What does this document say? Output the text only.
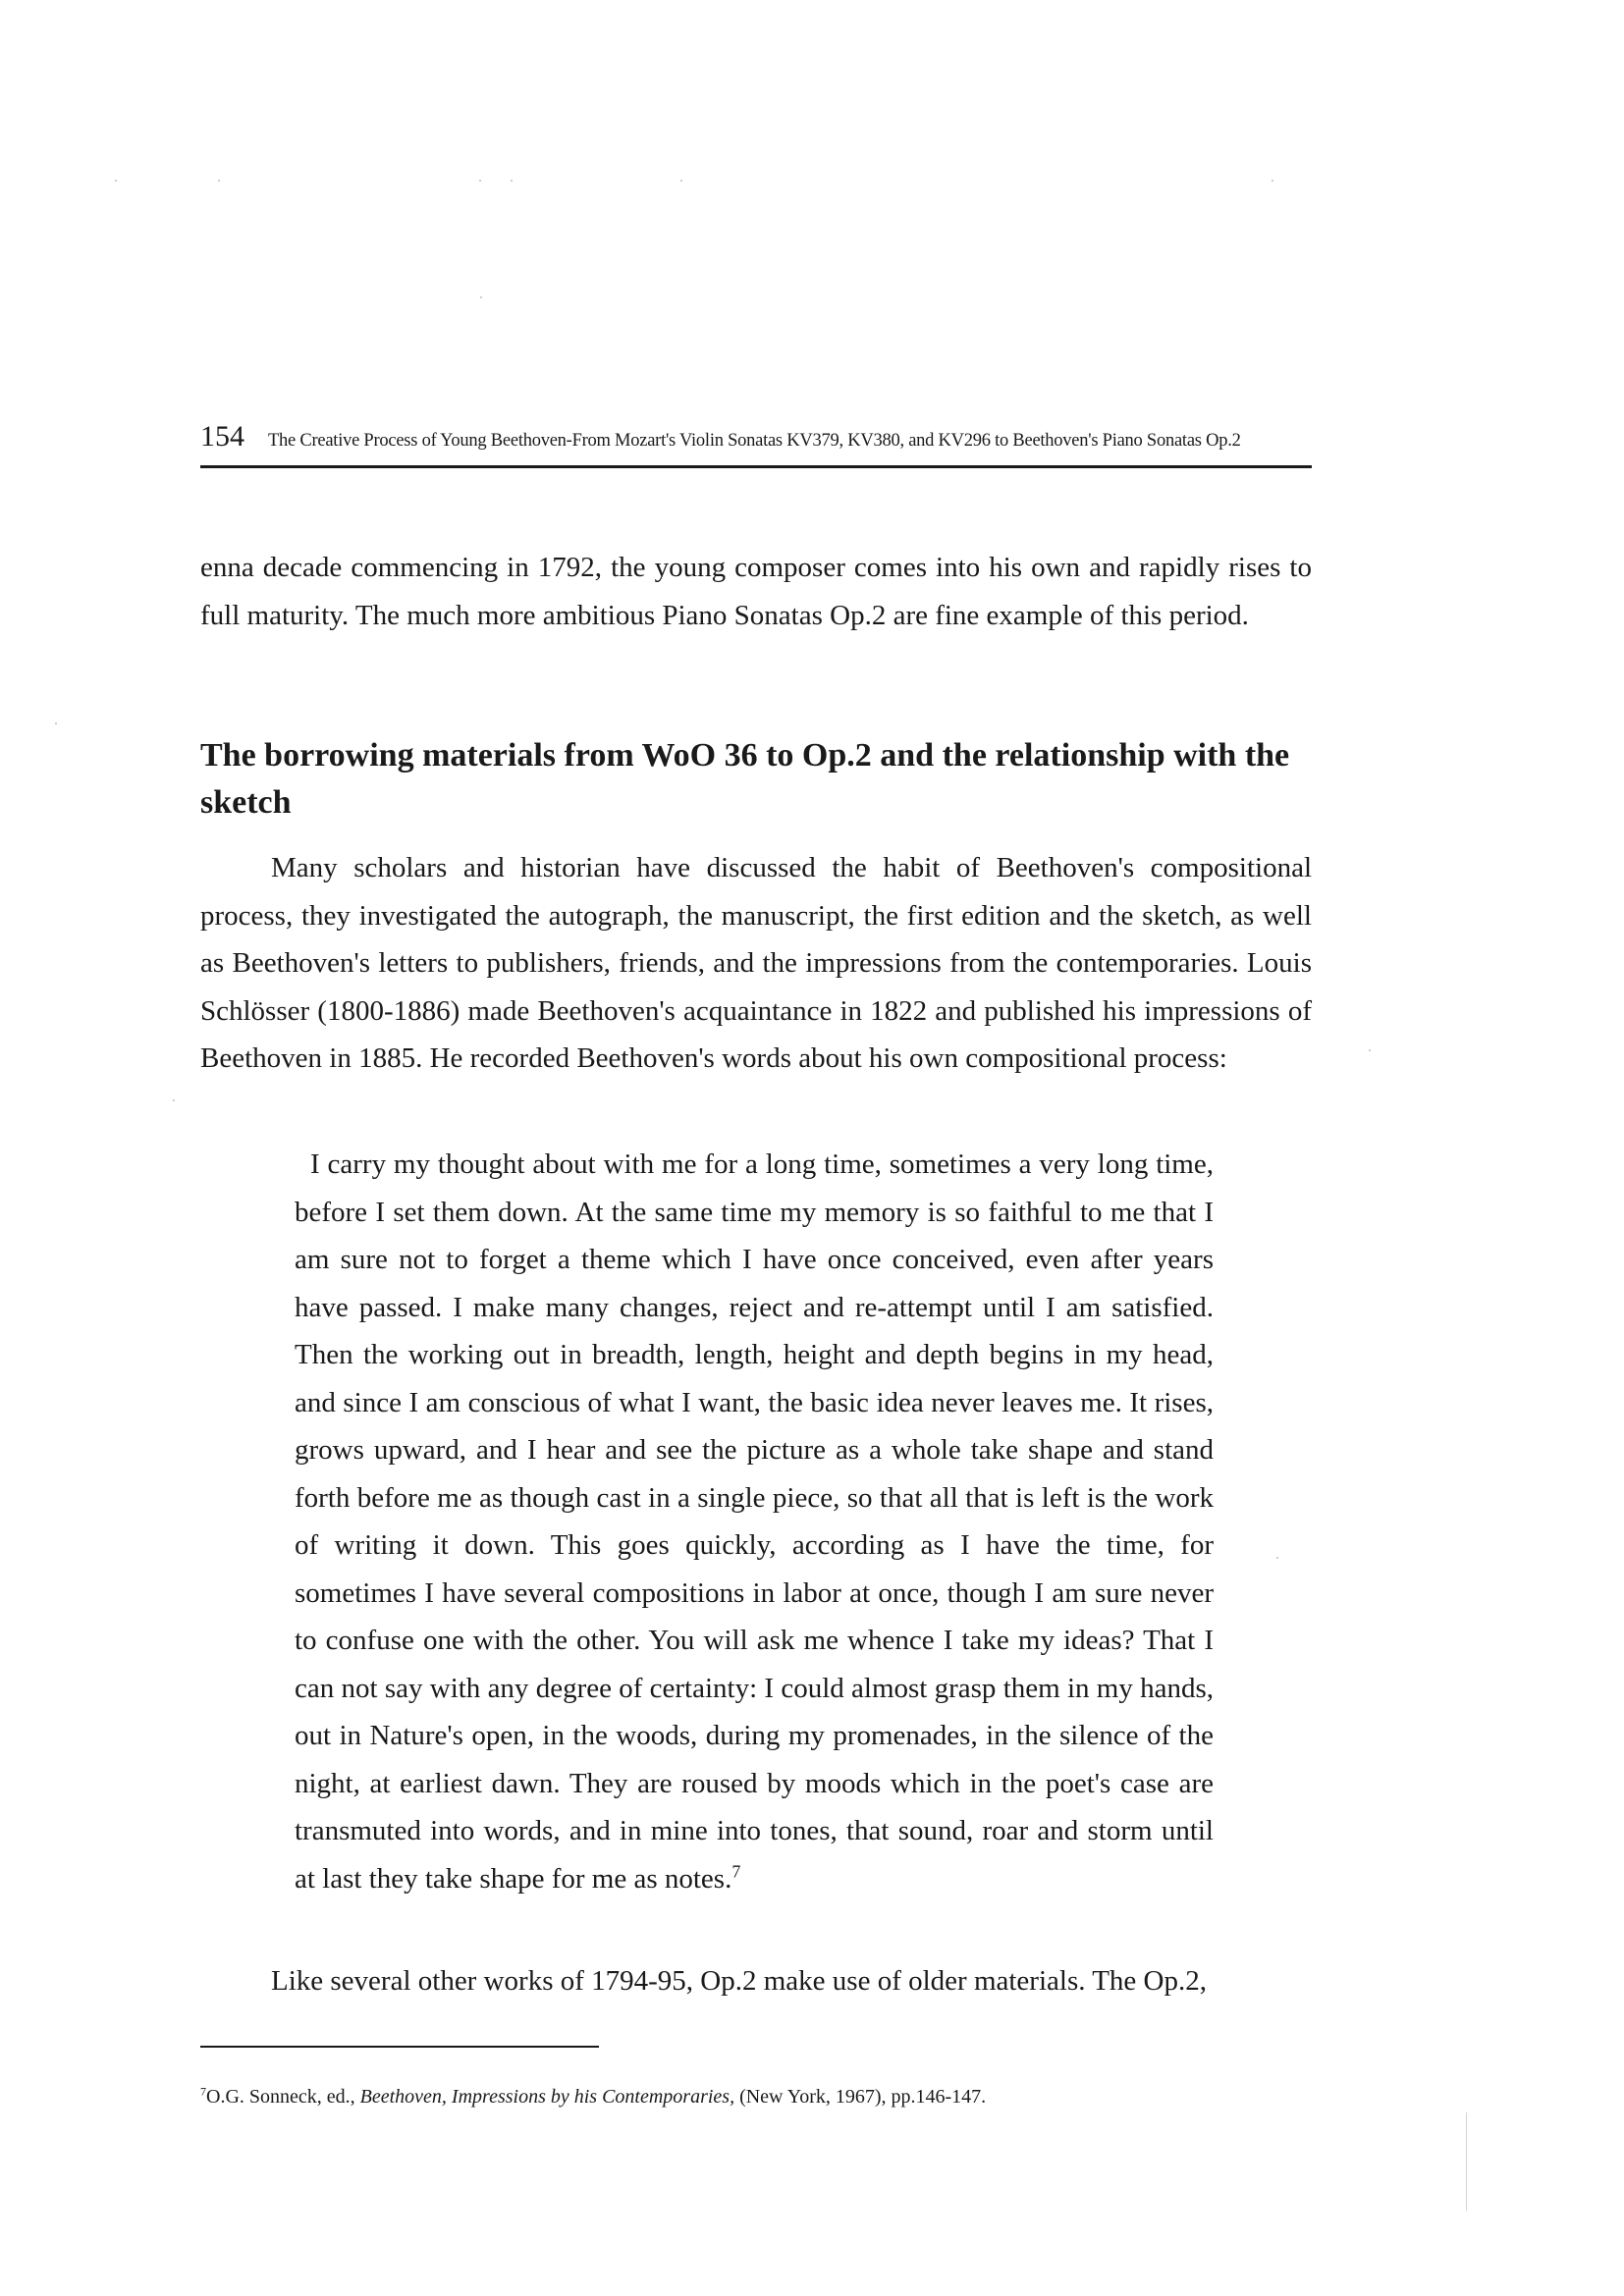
154 The Creative Process of Young Beethoven-From Mozart's Violin Sonatas KV379, KV380, and KV296 to Beethoven's Piano Sonatas Op.2

enna decade commencing in 1792, the young composer comes into his own and rapidly rises to full maturity. The much more ambitious Piano Sonatas Op.2 are fine example of this period.

The borrowing materials from WoO 36 to Op.2 and the relationship with the sketch

Many scholars and historian have discussed the habit of Beethoven's compositional process, they investigated the autograph, the manuscript, the first edition and the sketch, as well as Beethoven's letters to publishers, friends, and the impressions from the contemporaries. Louis Schlösser (1800-1886) made Beethoven's acquaintance in 1822 and published his impressions of Beethoven in 1885. He recorded Beethoven's words about his own compositional process:

I carry my thought about with me for a long time, sometimes a very long time, before I set them down. At the same time my memory is so faithful to me that I am sure not to forget a theme which I have once conceived, even after years have passed. I make many changes, reject and re-attempt until I am satisfied. Then the working out in breadth, length, height and depth begins in my head, and since I am conscious of what I want, the basic idea never leaves me. It rises, grows upward, and I hear and see the picture as a whole take shape and stand forth before me as though cast in a single piece, so that all that is left is the work of writing it down. This goes quickly, according as I have the time, for sometimes I have several compositions in labor at once, though I am sure never to confuse one with the other. You will ask me whence I take my ideas? That I can not say with any degree of certainty: I could almost grasp them in my hands, out in Nature's open, in the woods, during my promenades, in the silence of the night, at earliest dawn. They are roused by moods which in the poet's case are transmuted into words, and in mine into tones, that sound, roar and storm until at last they take shape for me as notes.$^7$

Like several other works of 1794-95, Op.2 make use of older materials. The Op.2,

$^7$O.G. Sonneck, ed., Beethoven, Impressions by his Contemporaries, (New York, 1967), pp.146-147.
